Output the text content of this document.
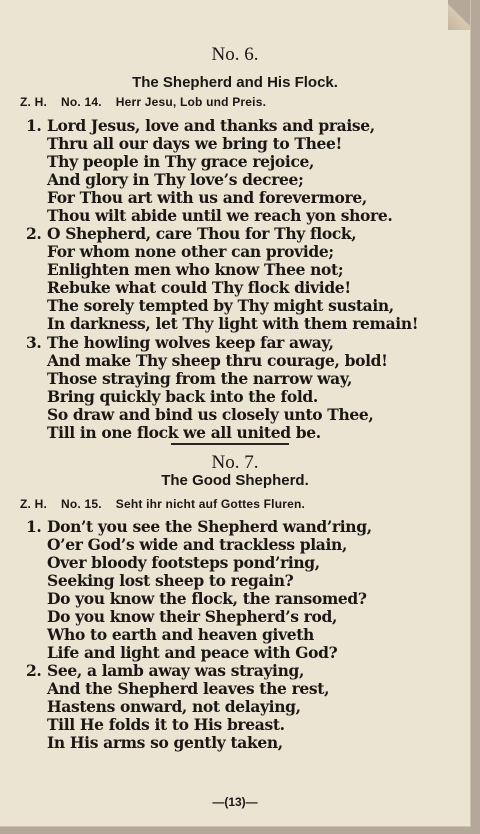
No. 6.
The Shepherd and His Flock.
Z. H. No. 14. Herr Jesu, Lob und Preis.
1. Lord Jesus, love and thanks and praise,
Thru all our days we bring to Thee!
Thy people in Thy grace rejoice,
And glory in Thy love’s decree;
For Thou art with us and forevermore,
Thou wilt abide until we reach yon shore.
2. O Shepherd, care Thou for Thy flock,
For whom none other can provide;
Enlighten men who know Thee not;
Rebuke what could Thy flock divide!
The sorely tempted by Thy might sustain,
In darkness, let Thy light with them remain!
3. The howling wolves keep far away,
And make Thy sheep thru courage, bold!
Those straying from the narrow way,
Bring quickly back into the fold.
So draw and bind us closely unto Thee,
Till in one flock we all united be.
No. 7.
The Good Shepherd.
Z. H. No. 15. Seht ihr nicht auf Gottes Fluren.
1. Don’t you see the Shepherd wand’ring,
O’er God’s wide and trackless plain,
Over bloody footsteps pond’ring,
Seeking lost sheep to regain?
Do you know the flock, the ransomed?
Do you know their Shepherd’s rod,
Who to earth and heaven giveth
Life and light and peace with God?
2. See, a lamb away was straying,
And the Shepherd leaves the rest,
Hastens onward, not delaying,
Till He folds it to His breast.
In His arms so gently taken,
—(13)—
